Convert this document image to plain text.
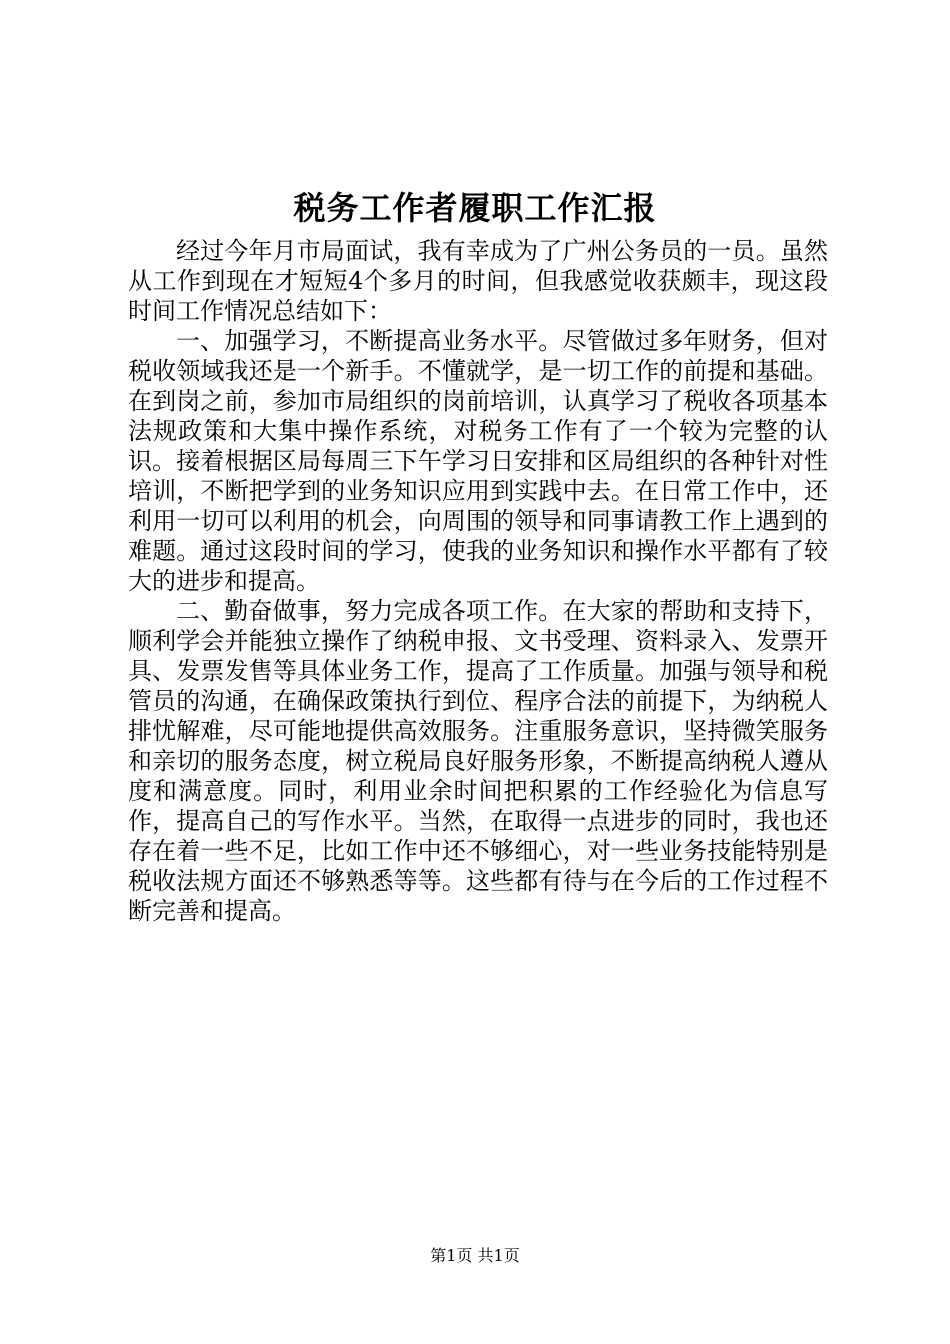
税务工作者履职工作汇报

经过今年月市局面试，我有幸成为了广州公务员的一员。虽然从工作到现在才短短4个多月的时间，但我感觉收获颇丰，现这段时间工作情况总结如下：

一、加强学习，不断提高业务水平。尽管做过多年财务，但对税收领域我还是一个新手。不懂就学，是一切工作的前提和基础。在到岗之前，参加市局组织的岗前培训，认真学习了税收各项基本法规政策和大集中操作系统，对税务工作有了一个较为完整的认识。接着根据区局每周三下午学习日安排和区局组织的各种针对性培训，不断把学到的业务知识应用到实践中去。在日常工作中，还利用一切可以利用的机会，向周围的领导和同事请教工作上遇到的难题。通过这段时间的学习，使我的业务知识和操作水平都有了较大的进步和提高。

二、勤奋做事，努力完成各项工作。在大家的帮助和支持下，顺利学会并能独立操作了纳税申报、文书受理、资料录入、发票开具、发票发售等具体业务工作，提高了工作质量。加强与领导和税管员的沟通，在确保政策执行到位、程序合法的前提下，为纳税人排忧解难，尽可能地提供高效服务。注重服务意识，坚持微笑服务和亲切的服务态度，树立税局良好服务形象，不断提高纳税人遵从度和满意度。同时，利用业余时间把积累的工作经验化为信息写作，提高自己的写作水平。当然，在取得一点进步的同时，我也还存在着一些不足，比如工作中还不够细心，对一些业务技能特别是税收法规方面还不够熟悉等等。这些都有待与在今后的工作过程不断完善和提高。

第1页 共1页
